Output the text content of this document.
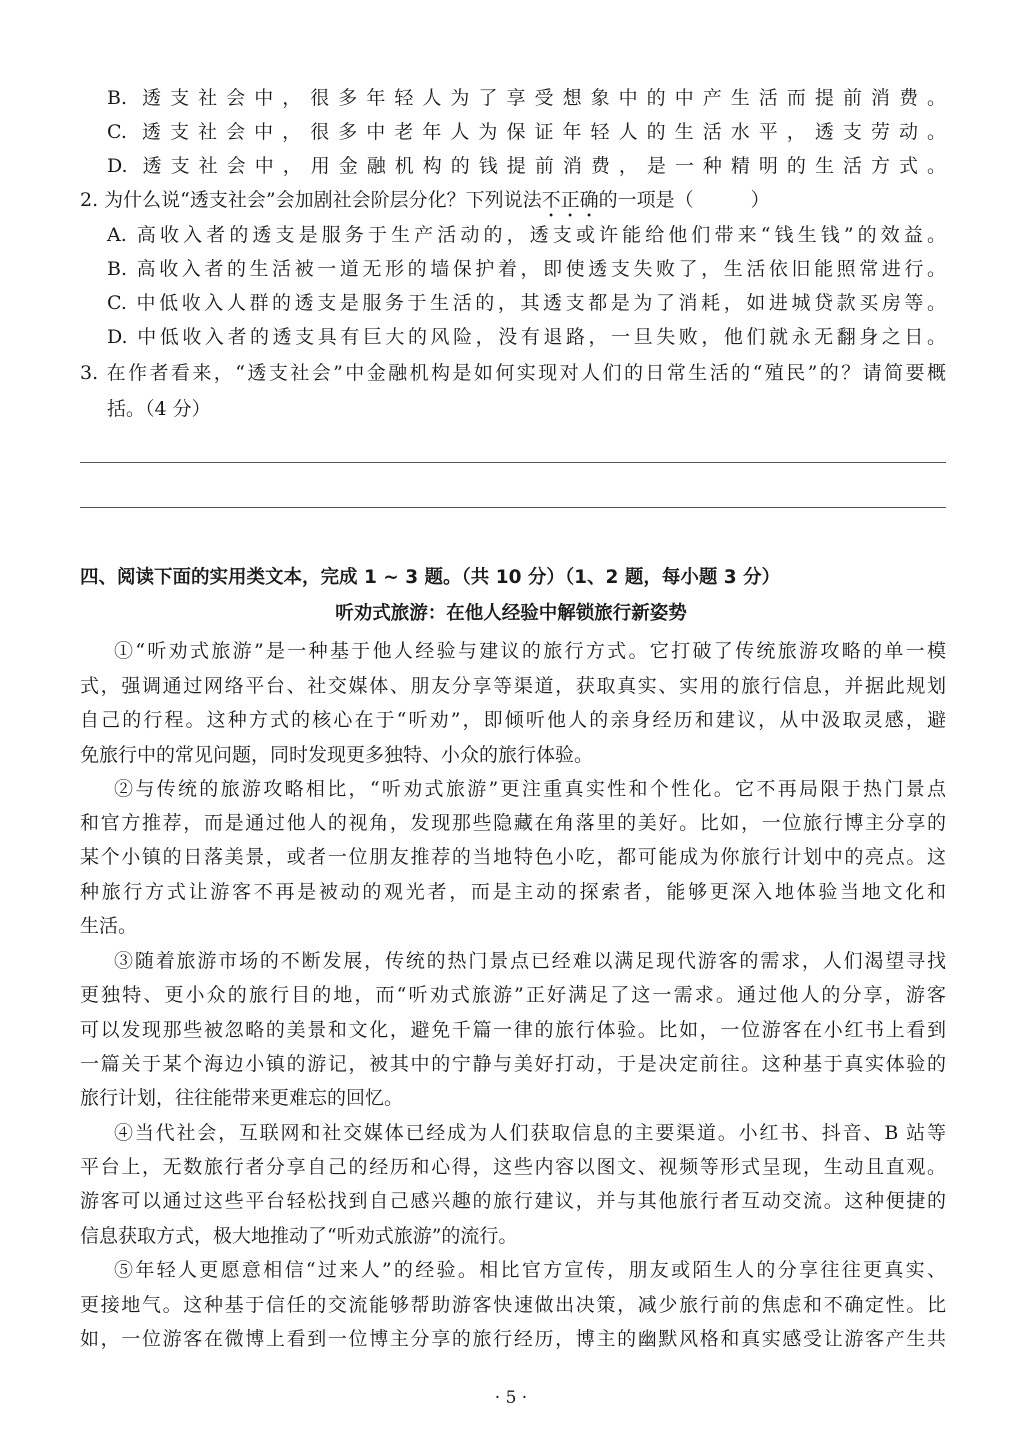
B. 透支社会中，很多年轻人为了享受想象中的中产生活而提前消费。
C. 透支社会中，很多中老年人为保证年轻人的生活水平，透支劳动。
D. 透支社会中，用金融机构的钱提前消费，是一种精明的生活方式。
2. 为什么说“透支社会”会加剧社会阶层分化？下列说法不正确的一项是（　　　）
A. 高收入者的透支是服务于生产活动的，透支或许能给他们带来“钱生钱”的效益。
B. 高收入者的生活被一道无形的墙保护着，即使透支失败了，生活依旧能照常进行。
C. 中低收入人群的透支是服务于生活的，其透支都是为了消耗，如进城贷款买房等。
D. 中低收入者的透支具有巨大的风险，没有退路，一旦失败，他们就永无翻身之日。
3. 在作者看来，“透支社会”中金融机构是如何实现对人们的日常生活的“殖民”的？请简要概
括。（4 分）
四、阅读下面的实用类文本，完成 1 ~ 3 题。（共 10 分）（1、2 题，每小题 3 分）
听劝式旅游：在他人经验中解锁旅行新姿势
①“听劝式旅游”是一种基于他人经验与建议的旅行方式。它打破了传统旅游攻略的单一模
式，强调通过网络平台、社交媒体、朋友分享等渠道，获取真实、实用的旅行信息，并据此规划
自己的行程。这种方式的核心在于“听劝”，即倾听他人的亲身经历和建议，从中汲取灵感，避
免旅行中的常见问题，同时发现更多独特、小众的旅行体验。
②与传统的旅游攻略相比，“听劝式旅游”更注重真实性和个性化。它不再局限于热门景点
和官方推荐，而是通过他人的视角，发现那些隐藏在角落里的美好。比如，一位旅行博主分享的
某个小镇的日落美景，或者一位朋友推荐的当地特色小吃，都可能成为你旅行计划中的亮点。这
种旅行方式让游客不再是被动的观光者，而是主动的探索者，能够更深入地体验当地文化和
生活。
③随着旅游市场的不断发展，传统的热门景点已经难以满足现代游客的需求，人们渴望寻找
更独特、更小众的旅行目的地，而“听劝式旅游”正好满足了这一需求。通过他人的分享，游客
可以发现那些被忽略的美景和文化，避免千篇一律的旅行体验。比如，一位游客在小红书上看到
一篇关于某个海边小镇的游记，被其中的宁静与美好打动，于是决定前往。这种基于真实体验的
旅行计划，往往能带来更难忘的回忆。
④当代社会，互联网和社交媒体已经成为人们获取信息的主要渠道。小红书、抖音、B 站等
平台上，无数旅行者分享自己的经历和心得，这些内容以图文、视频等形式呈现，生动且直观。
游客可以通过这些平台轻松找到自己感兴趣的旅行建议，并与其他旅行者互动交流。这种便捷的
信息获取方式，极大地推动了“听劝式旅游”的流行。
⑤年轻人更愿意相信“过来人”的经验。相比官方宣传，朋友或陌生人的分享往往更真实、
更接地气。这种基于信任的交流能够帮助游客快速做出决策，减少旅行前的焦虑和不确定性。比
如，一位游客在微博上看到一位博主分享的旅行经历，博主的幽默风格和真实感受让游客产生共
· 5 ·
